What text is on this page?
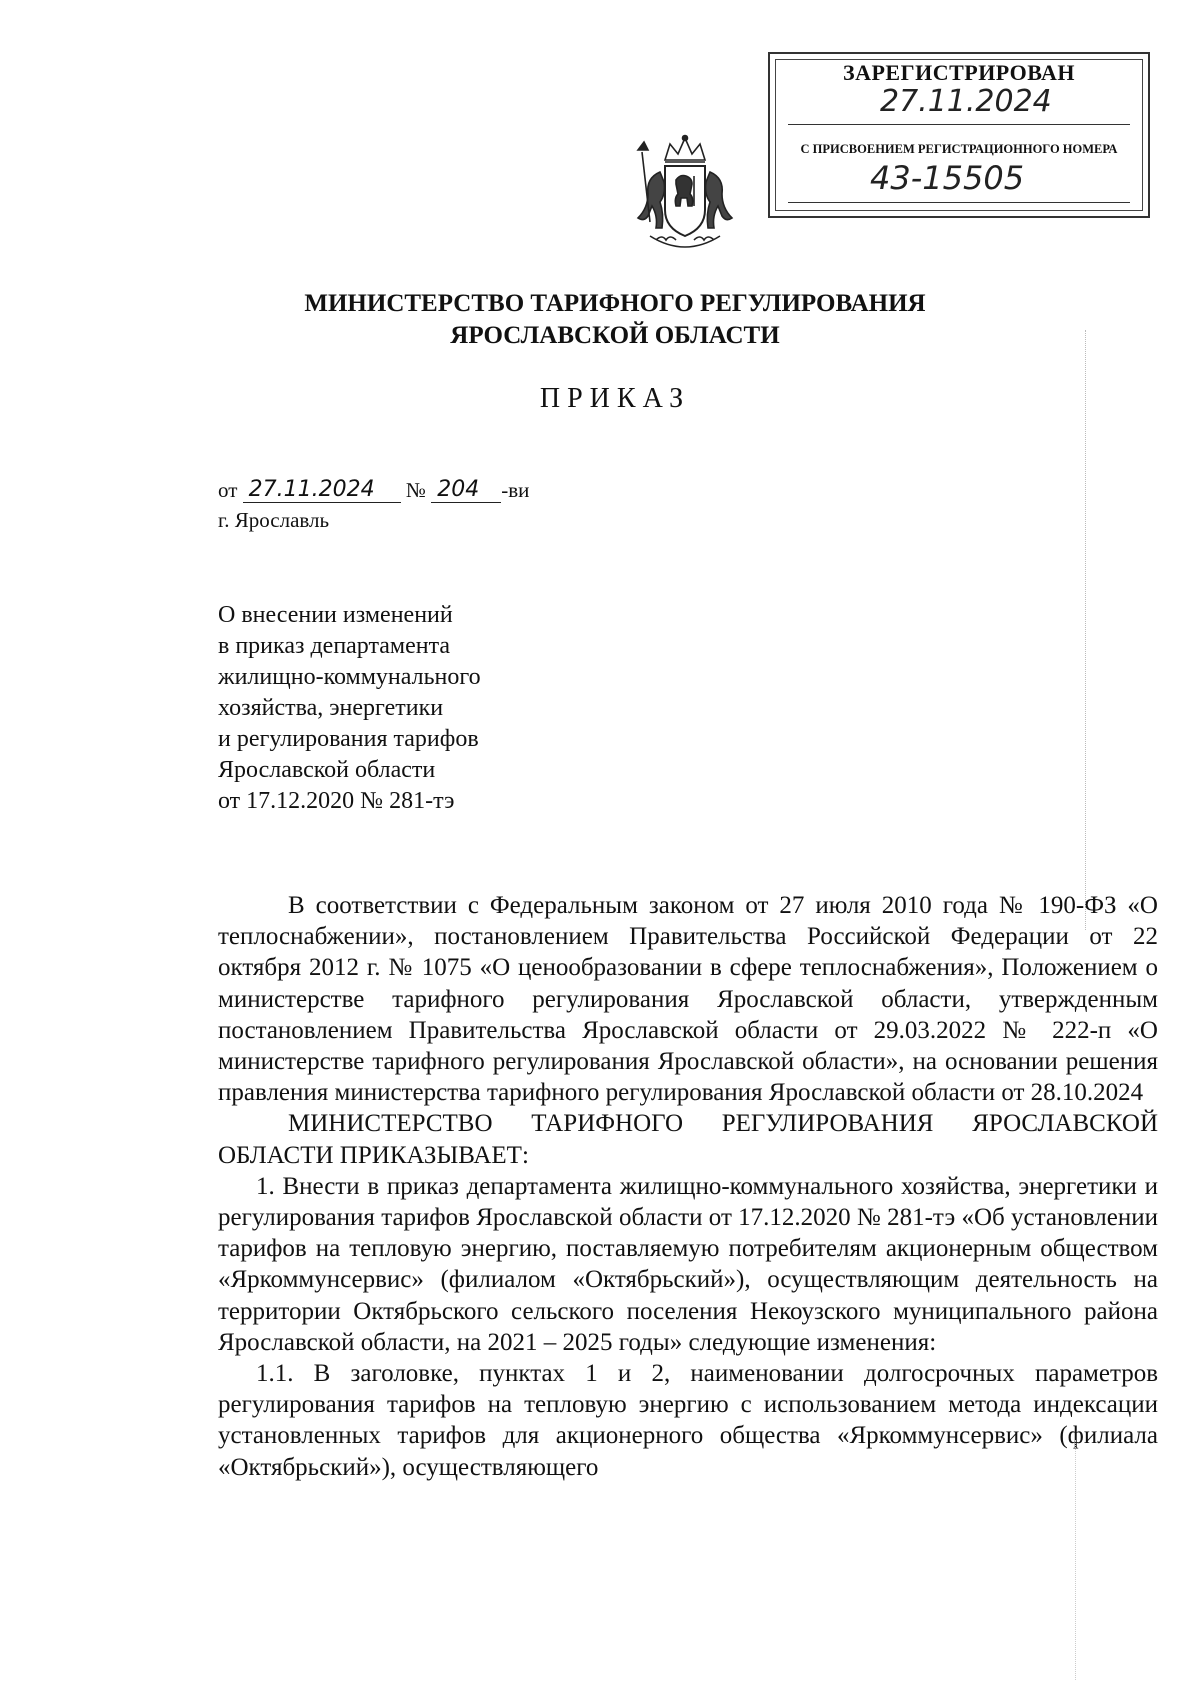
ЗАРЕГИСТРИРОВАН
27.11.2024
С ПРИСВОЕНИЕМ РЕГИСТРАЦИОННОГО НОМЕРА
43-15505
МИНИСТЕРСТВО ТАРИФНОГО РЕГУЛИРОВАНИЯ
ЯРОСЛАВСКОЙ ОБЛАСТИ
ПРИКАЗ
от 27.11.2024 № 204 -ви
г. Ярославль
О внесении изменений
в приказ департамента
жилищно-коммунального
хозяйства, энергетики
и регулирования тарифов
Ярославской области
от 17.12.2020 № 281-тэ
В соответствии с Федеральным законом от 27 июля 2010 года № 190-ФЗ «О теплоснабжении», постановлением Правительства Российской Федерации от 22 октября 2012 г. № 1075 «О ценообразовании в сфере теплоснабжения», Положением о министерстве тарифного регулирования Ярославской области, утвержденным постановлением Правительства Ярославской области от 29.03.2022 № 222-п «О министерстве тарифного регулирования Ярославской области», на основании решения правления министерства тарифного регулирования Ярославской области от 28.10.2024
МИНИСТЕРСТВО ТАРИФНОГО РЕГУЛИРОВАНИЯ ЯРОСЛАВСКОЙ ОБЛАСТИ ПРИКАЗЫВАЕТ:
1. Внести в приказ департамента жилищно-коммунального хозяйства, энергетики и регулирования тарифов Ярославской области от 17.12.2020 № 281-тэ «Об установлении тарифов на тепловую энергию, поставляемую потребителям акционерным обществом «Яркоммунсервис» (филиалом «Октябрьский»), осуществляющим деятельность на территории Октябрьского сельского поселения Некоузского муниципального района Ярославской области, на 2021 – 2025 годы» следующие изменения:
1.1. В заголовке, пунктах 1 и 2, наименовании долгосрочных параметров регулирования тарифов на тепловую энергию с использованием метода индексации установленных тарифов для акционерного общества «Яркоммунсервис» (филиала «Октябрьский»), осуществляющего
